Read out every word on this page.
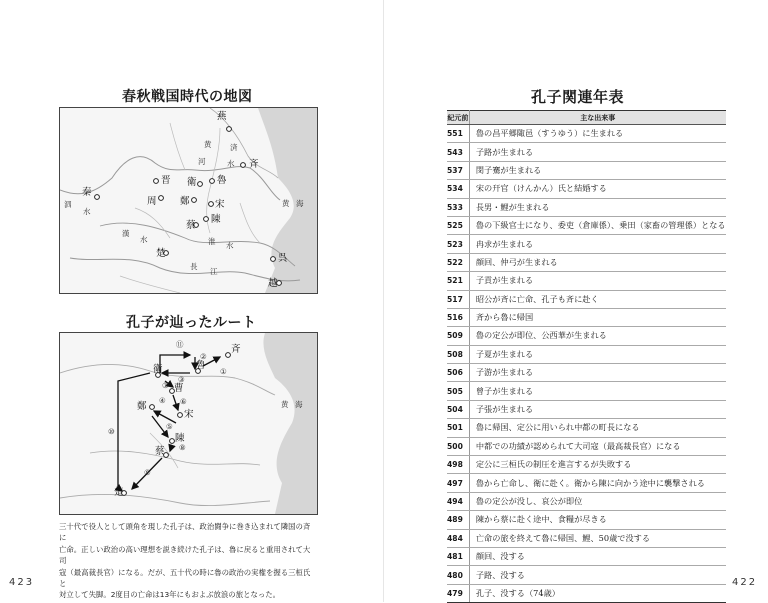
春秋戦国時代の地図
燕
斉
魯
晋 衛
周 鄭	宋
陳
蔡
秦
楚	呉
越
黄
河
済
水
泗
水
淮 水
漢
水
長
江
黄 海
孔子が辿ったルート
斉
魯
衛
曹
鄭
宋
陳
蔡
楚
①
②
③
④
⑤
⑥
⑦
⑧
⑨
⑩
⑪
黄 海
三十代で役人として頭角を現した孔子は、政治闘争に巻き込まれて隣国の斉に
亡命。正しい政治の高い理想を説き続けた孔子は、魯に戻ると重用されて大司
寇（最高裁長官）になる。だが、五十代の時に魯の政治の実権を握る三桓氏と
対立して失脚。2度目の亡命は13年にもおよぶ放浪の旅となった。
423
孔子関連年表
422
紀元前	主な出来事
551	魯の昌平郷陬邑（すうゆう）に生まれる
543	子路が生まれる
537	閔子騫が生まれる
534	宋の幵官（けんかん）氏と結婚する
533	長男・鯉が生まれる
525	魯の下級官士になり、委吏（倉庫係）、乗田（家畜の管理係）となる
523	冉求が生まれる
522	顔回、仲弓が生まれる
521	子貢が生まれる
517	昭公が斉に亡命、孔子も斉に赴く
516	斉から魯に帰国
509	魯の定公が即位、公西華が生まれる
508	子夏が生まれる
506	子游が生まれる
505	曾子が生まれる
504	子張が生まれる
501	魯に帰国、定公に用いられ中都の町長になる
500	中都での功績が認められて大司寇（最高裁長官）になる
498	定公に三桓氏の制圧を進言するが失敗する
497	魯から亡命し、衛に赴く。衛から陳に向かう途中に襲撃される
494	魯の定公が没し、哀公が即位
489	陳から蔡に赴く途中、食糧が尽きる
484	亡命の旅を終えて魯に帰国、鯉、50歳で没する
481	顔回、没する
480	子路、没する
479	孔子、没する（74歳）
